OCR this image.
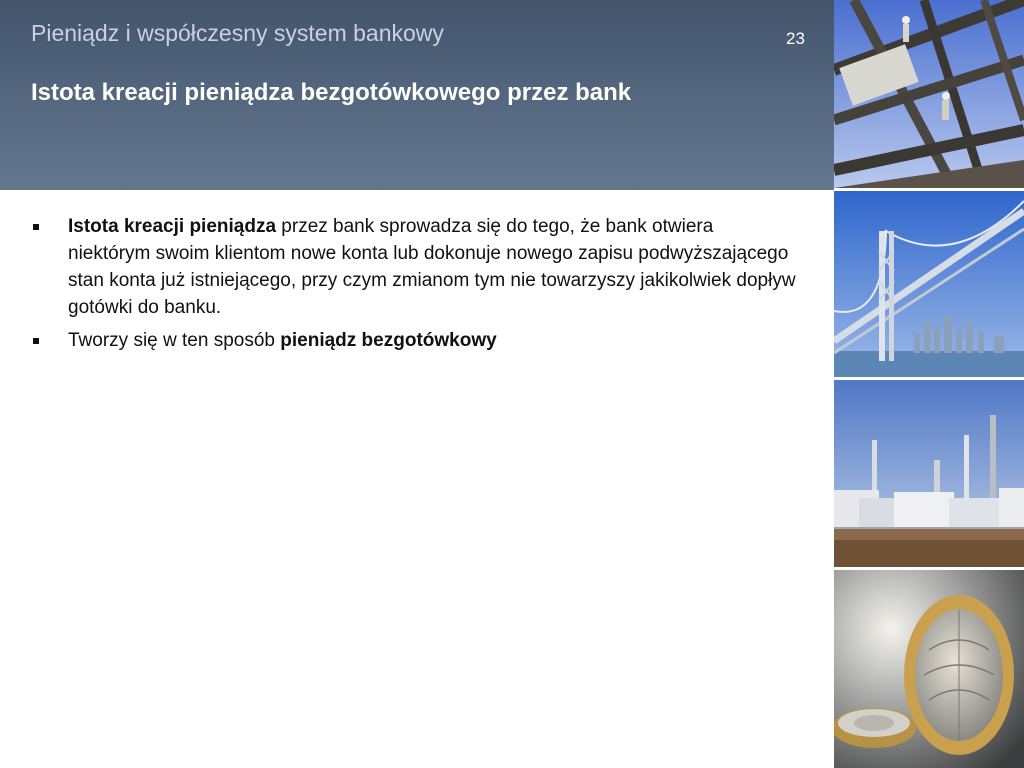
Pieniądz i współczesny system bankowy	23
Istota kreacji pieniądza bezgotówkowego przez bank
Istota kreacji pieniądza przez bank sprowadza się do tego, że bank otwiera niektórym swoim klientom nowe konta lub dokonuje nowego zapisu podwyższającego stan konta już istniejącego, przy czym zmianom tym nie towarzyszy jakikolwiek dopływ gotówki do banku.
Tworzy się w ten sposób pieniądz bezgotówkowy
